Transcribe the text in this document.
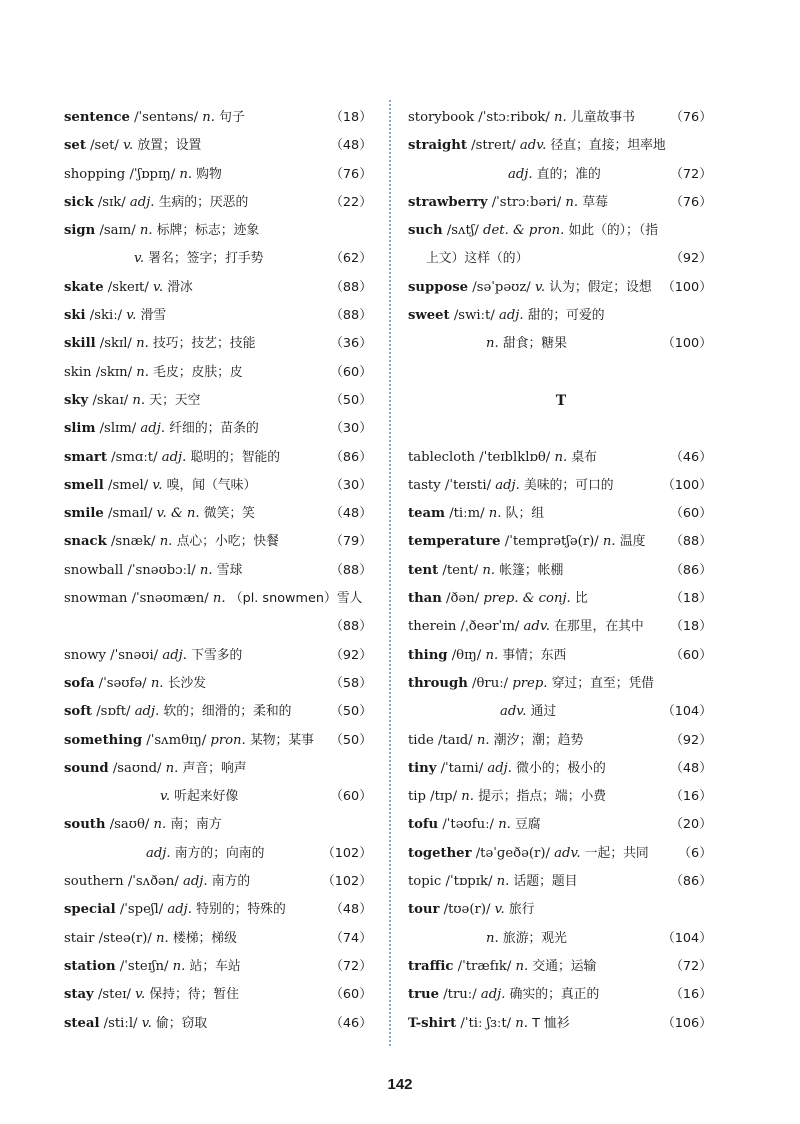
sentence /ˈsentəns/ n. 句子	（18）
set /set/ v. 放置；设置	（48）
shopping /ˈʃɒpɪŋ/ n. 购物	（76）
sick /sɪk/ adj. 生病的；厌恶的	（22）
sign /saɪn/ n. 标牌；标志；迹象
v. 署名；签字；打手势	（62）
skate /skeɪt/ v. 滑冰	（88）
ski /skiː/ v. 滑雪	（88）
skill /skɪl/ n. 技巧；技艺；技能	（36）
skin /skɪn/ n. 毛皮；皮肤；皮	（60）
sky /skaɪ/ n. 天；天空	（50）
slim /slɪm/ adj. 纤细的；苗条的	（30）
smart /smɑːt/ adj. 聪明的；智能的	（86）
smell /smel/ v. 嗅，闻（气味）	（30）
smile /smaɪl/ v. & n. 微笑；笑	（48）
snack /snæk/ n. 点心；小吃；快餐	（79）
snowball /ˈsnəʊbɔːl/ n. 雪球	（88）
snowman /ˈsnəʊmæn/ n. （pl. snowmen）雪人
（88）
snowy /ˈsnəʊi/ adj. 下雪多的	（92）
sofa /ˈsəʊfə/ n. 长沙发	（58）
soft /sɒft/ adj. 软的；细滑的；柔和的	（50）
something /ˈsʌmθɪŋ/ pron. 某物；某事 （50）
sound /saʊnd/ n. 声音；响声
v. 听起来好像	（60）
south /saʊθ/ n. 南；南方
adj. 南方的；向南的	（102）
southern /ˈsʌðən/ adj. 南方的	（102）
special /ˈspeʃl/ adj. 特别的；特殊的	（48）
stair /steə(r)/ n. 楼梯；梯级	（74）
station /ˈsteɪʃn/ n. 站；车站	（72）
stay /steɪ/ v. 保持；待；暂住	（60）
steal /stiːl/ v. 偷；窃取	（46）
storybook /ˈstɔːribʊk/ n. 儿童故事书	（76）
straight /streɪt/ adv. 径直；直接；坦率地
adj. 直的；准的	（72）
strawberry /ˈstrɔːbəri/ n. 草莓	（76）
such /sʌtʃ/ det. & pron. 如此（的）；（指
上文）这样（的）	（92）
suppose /səˈpəʊz/ v. 认为；假定；设想 （100）
sweet /swiːt/ adj. 甜的；可爱的
n. 甜食；糖果	（100）
T
tablecloth /ˈteɪblklɒθ/ n. 桌布	（46）
tasty /ˈteɪsti/ adj. 美味的；可口的	（100）
team /tiːm/ n. 队；组	（60）
temperature /ˈtemprətʃə(r)/ n. 温度 （88）
tent /tent/ n. 帐篷；帐棚	（86）
than /ðən/ prep. & conj. 比	（18）
therein /ˌðeərˈɪn/ adv. 在那里，在其中 （18）
thing /θɪŋ/ n. 事情；东西	（60）
through /θruː/ prep. 穿过；直至；凭借
adv. 通过	（104）
tide /taɪd/ n. 潮汐；潮；趋势	（92）
tiny /ˈtaɪni/ adj. 微小的；极小的	（48）
tip /tɪp/ n. 提示；指点；端；小费	（16）
tofu /ˈtəʊfuː/ n. 豆腐	（20）
together /təˈɡeðə(r)/ adv. 一起；共同 （6）
topic /ˈtɒpɪk/ n. 话题；题目	（86）
tour /tʊə(r)/ v. 旅行
n. 旅游；观光	（104）
traffic /ˈtræfɪk/ n. 交通；运输	（72）
true /truː/ adj. 确实的；真正的	（16）
T-shirt /ˈtiː ʃɜːt/ n. T 恤衫	（106）
142
